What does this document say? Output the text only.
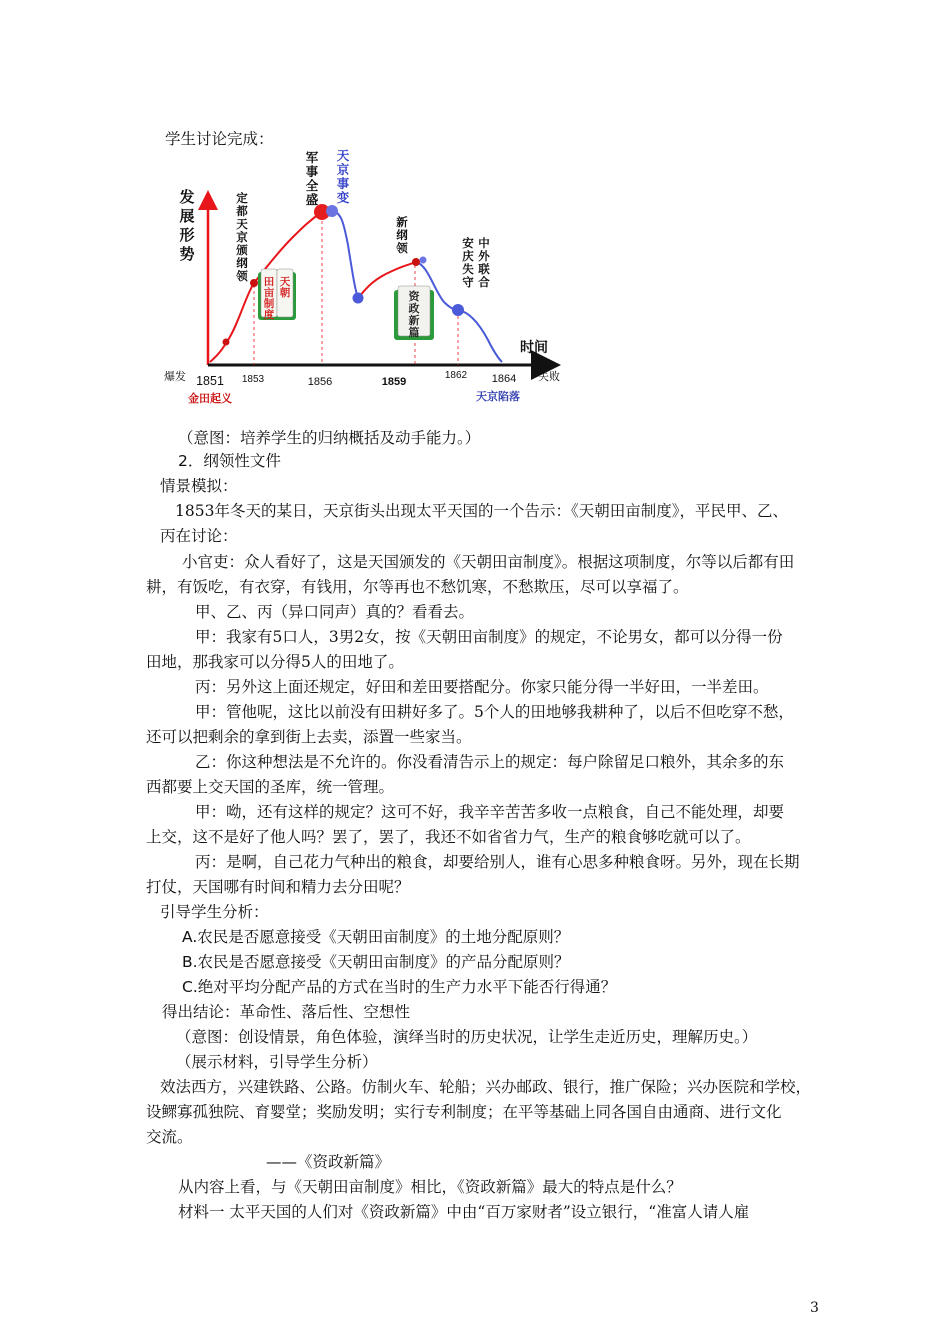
学生讨论完成：
发展形势
时间
1851 1853	1856	1859
1862 1864
爆发
金田起义
失败
天京陷落
定都天京颁纲领
军事全盛
天京事变
新纲领	安庆失守
中外联合
田亩
制度
天朝	资政
新篇
（意图：培养学生的归纳概括及动手能力。）
2．纲领性文件
情景模拟：
1853年冬天的某日，天京街头出现太平天国的一个告示：《天朝田亩制度》，平民甲、乙、
丙在讨论：
小官吏：众人看好了，这是天国颁发的《天朝田亩制度》。根据这项制度，尔等以后都有田
耕，有饭吃，有衣穿，有钱用，尔等再也不愁饥寒，不愁欺压，尽可以享福了。
甲、乙、丙（异口同声）真的？看看去。
甲：我家有5口人，3男2女，按《天朝田亩制度》的规定，不论男女，都可以分得一份
田地，那我家可以分得5人的田地了。
丙：另外这上面还规定，好田和差田要搭配分。你家只能分得一半好田，一半差田。
甲：管他呢，这比以前没有田耕好多了。5个人的田地够我耕种了，以后不但吃穿不愁，
还可以把剩余的拿到街上去卖，添置一些家当。
乙：你这种想法是不允许的。你没看清告示上的规定：每户除留足口粮外，其余多的东
西都要上交天国的圣库，统一管理。
甲：呦，还有这样的规定？这可不好，我辛辛苦苦多收一点粮食，自己不能处理，却要
上交，这不是好了他人吗？罢了，罢了，我还不如省省力气，生产的粮食够吃就可以了。
丙：是啊，自己花力气种出的粮食，却要给别人，谁有心思多种粮食呀。另外，现在长期
打仗，天国哪有时间和精力去分田呢？
引导学生分析：
A.农民是否愿意接受《天朝田亩制度》的土地分配原则？
B.农民是否愿意接受《天朝田亩制度》的产品分配原则？
C.绝对平均分配产品的方式在当时的生产力水平下能否行得通？
得出结论：革命性、落后性、空想性
（意图：创设情景，角色体验，演绎当时的历史状况，让学生走近历史，理解历史。）
（展示材料，引导学生分析）
效法西方，兴建铁路、公路。仿制火车、轮船；兴办邮政、银行，推广保险；兴办医院和学校，
设鳏寡孤独院、育婴堂；奖励发明；实行专利制度；在平等基础上同各国自由通商、进行文化
交流。
——《资政新篇》
从内容上看，与《天朝田亩制度》相比，《资政新篇》最大的特点是什么？
材料一 太平天国的人们对《资政新篇》中由“百万家财者”设立银行，“准富人请人雇
3
